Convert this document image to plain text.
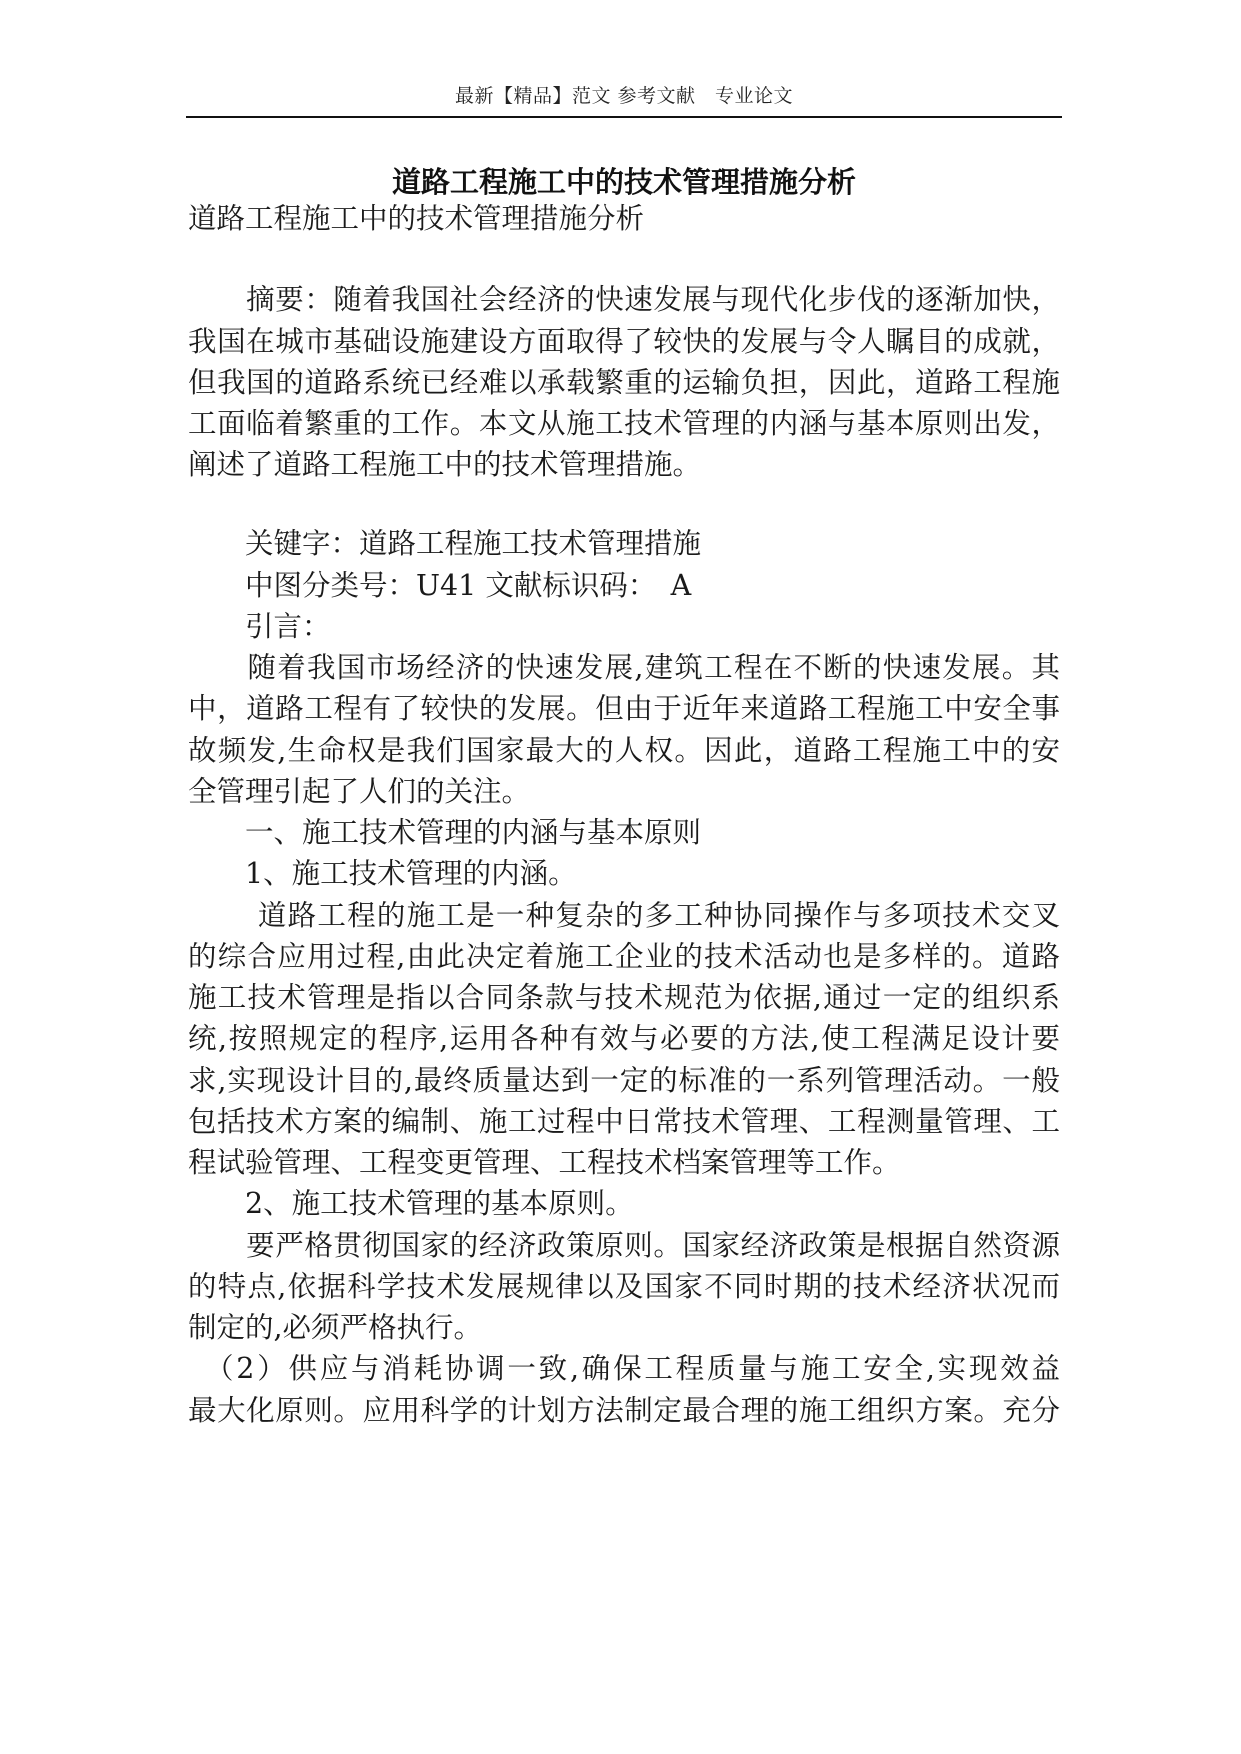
最新【精品】范文 参考文献　专业论文
道路工程施工中的技术管理措施分析
道路工程施工中的技术管理措施分析
　　摘要：随着我国社会经济的快速发展与现代化步伐的逐渐加快，
我国在城市基础设施建设方面取得了较快的发展与令人瞩目的成就，
但我国的道路系统已经难以承载繁重的运输负担，因此，道路工程施
工面临着繁重的工作。本文从施工技术管理的内涵与基本原则出发，
阐述了道路工程施工中的技术管理措施。
　　关键字：道路工程施工技术管理措施
　　中图分类号：U41 文献标识码：　A
　　引言：
　　随着我国市场经济的快速发展,建筑工程在不断的快速发展。其
中，道路工程有了较快的发展。但由于近年来道路工程施工中安全事
故频发,生命权是我们国家最大的人权。因此，道路工程施工中的安
全管理引起了人们的关注。
　　一、施工技术管理的内涵与基本原则
　　1、施工技术管理的内涵。
　　 道路工程的施工是一种复杂的多工种协同操作与多项技术交叉
的综合应用过程,由此决定着施工企业的技术活动也是多样的。道路
施工技术管理是指以合同条款与技术规范为依据,通过一定的组织系
统,按照规定的程序,运用各种有效与必要的方法,使工程满足设计要
求,实现设计目的,最终质量达到一定的标准的一系列管理活动。一般
包括技术方案的编制、施工过程中日常技术管理、工程测量管理、工
程试验管理、工程变更管理、工程技术档案管理等工作。
　　2、施工技术管理的基本原则。
　　要严格贯彻国家的经济政策原则。国家经济政策是根据自然资源
的特点,依据科学技术发展规律以及国家不同时期的技术经济状况而
制定的,必须严格执行。
　（2）供应与消耗协调一致,确保工程质量与施工安全,实现效益
最大化原则。应用科学的计划方法制定最合理的施工组织方案。充分
